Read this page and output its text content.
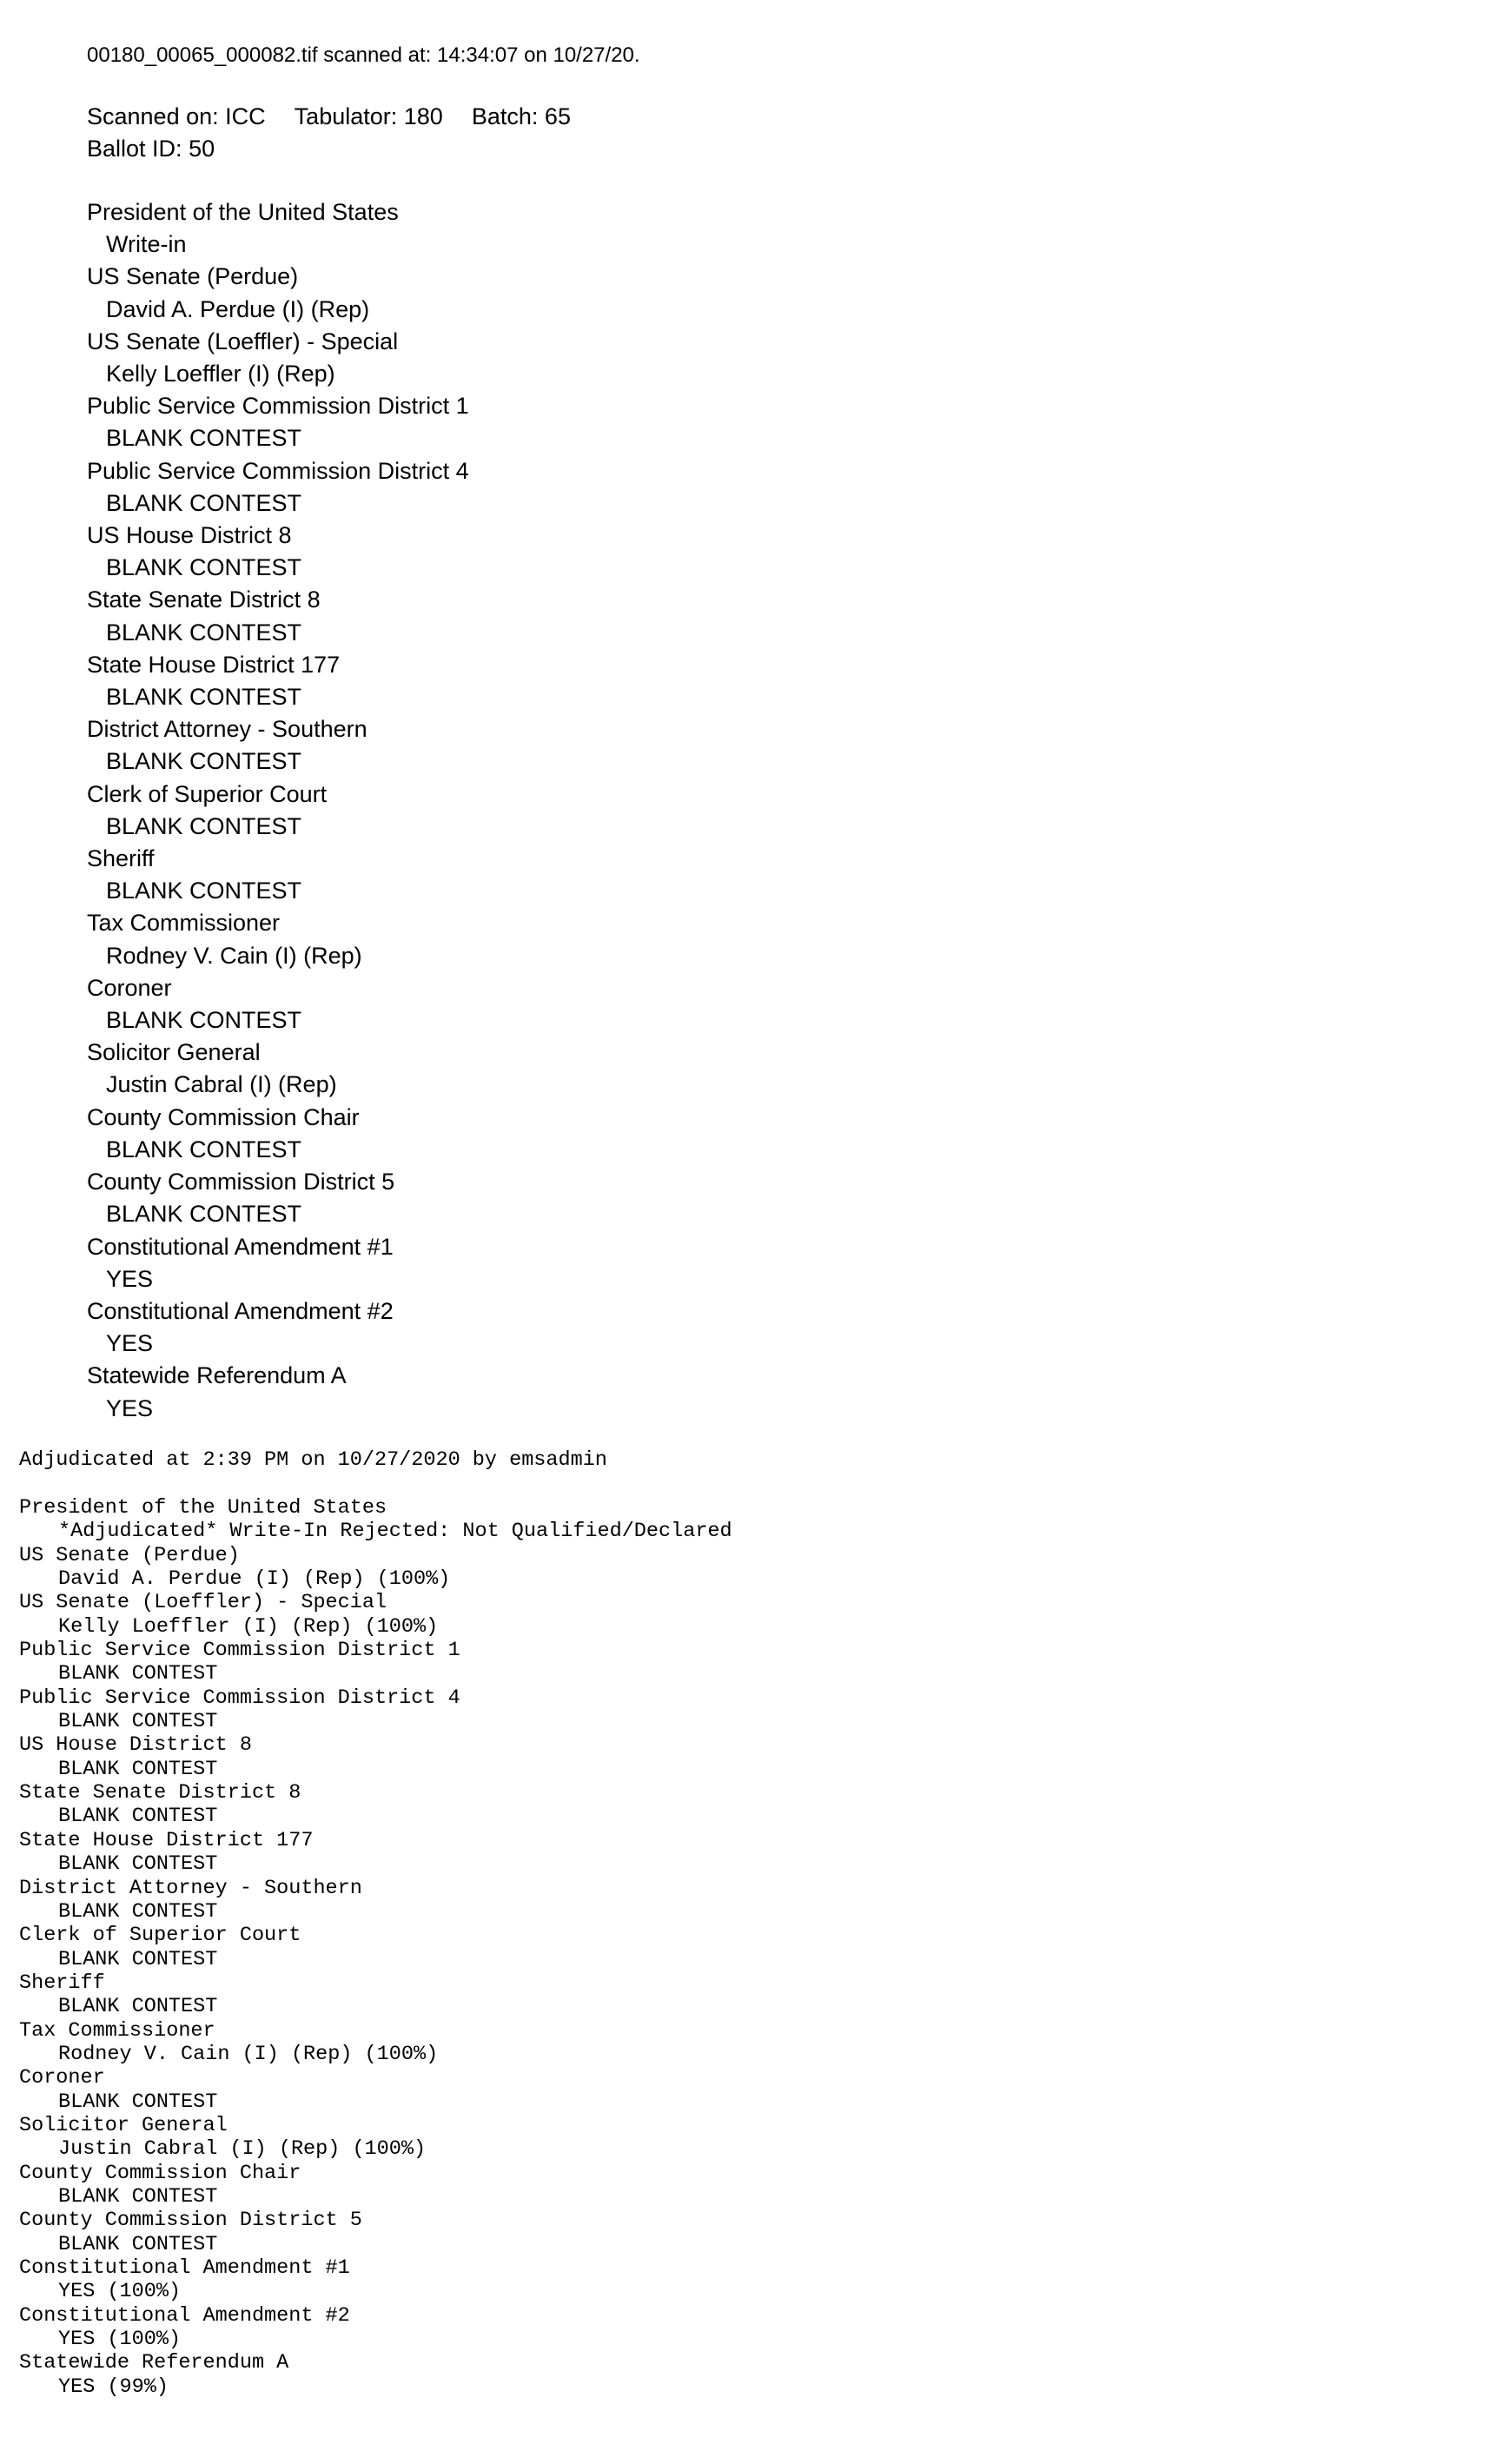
00180_00065_000082.tif scanned at: 14:34:07 on 10/27/20.
Scanned on: ICC Tabulator: 180 Batch: 65
Ballot ID: 50
President of the United States
Write-in
US Senate (Perdue)
David A. Perdue (I) (Rep)
US Senate (Loeffler) - Special
Kelly Loeffler (I) (Rep)
Public Service Commission District 1
BLANK CONTEST
Public Service Commission District 4
BLANK CONTEST
US House District 8
BLANK CONTEST
State Senate District 8
BLANK CONTEST
State House District 177
BLANK CONTEST
District Attorney - Southern
BLANK CONTEST
Clerk of Superior Court
BLANK CONTEST
Sheriff
BLANK CONTEST
Tax Commissioner
Rodney V. Cain (I) (Rep)
Coroner
BLANK CONTEST
Solicitor General
Justin Cabral (I) (Rep)
County Commission Chair
BLANK CONTEST
County Commission District 5
BLANK CONTEST
Constitutional Amendment #1
YES
Constitutional Amendment #2
YES
Statewide Referendum A
YES
Adjudicated at 2:39 PM on 10/27/2020 by emsadmin
President of the United States
*Adjudicated* Write-In Rejected: Not Qualified/Declared
US Senate (Perdue)
David A. Perdue (I) (Rep) (100%)
US Senate (Loeffler) - Special
Kelly Loeffler (I) (Rep) (100%)
Public Service Commission District 1
BLANK CONTEST
Public Service Commission District 4
BLANK CONTEST
US House District 8
BLANK CONTEST
State Senate District 8
BLANK CONTEST
State House District 177
BLANK CONTEST
District Attorney - Southern
BLANK CONTEST
Clerk of Superior Court
BLANK CONTEST
Sheriff
BLANK CONTEST
Tax Commissioner
Rodney V. Cain (I) (Rep) (100%)
Coroner
BLANK CONTEST
Solicitor General
Justin Cabral (I) (Rep) (100%)
County Commission Chair
BLANK CONTEST
County Commission District 5
BLANK CONTEST
Constitutional Amendment #1
YES (100%)
Constitutional Amendment #2
YES (100%)
Statewide Referendum A
YES (99%)
